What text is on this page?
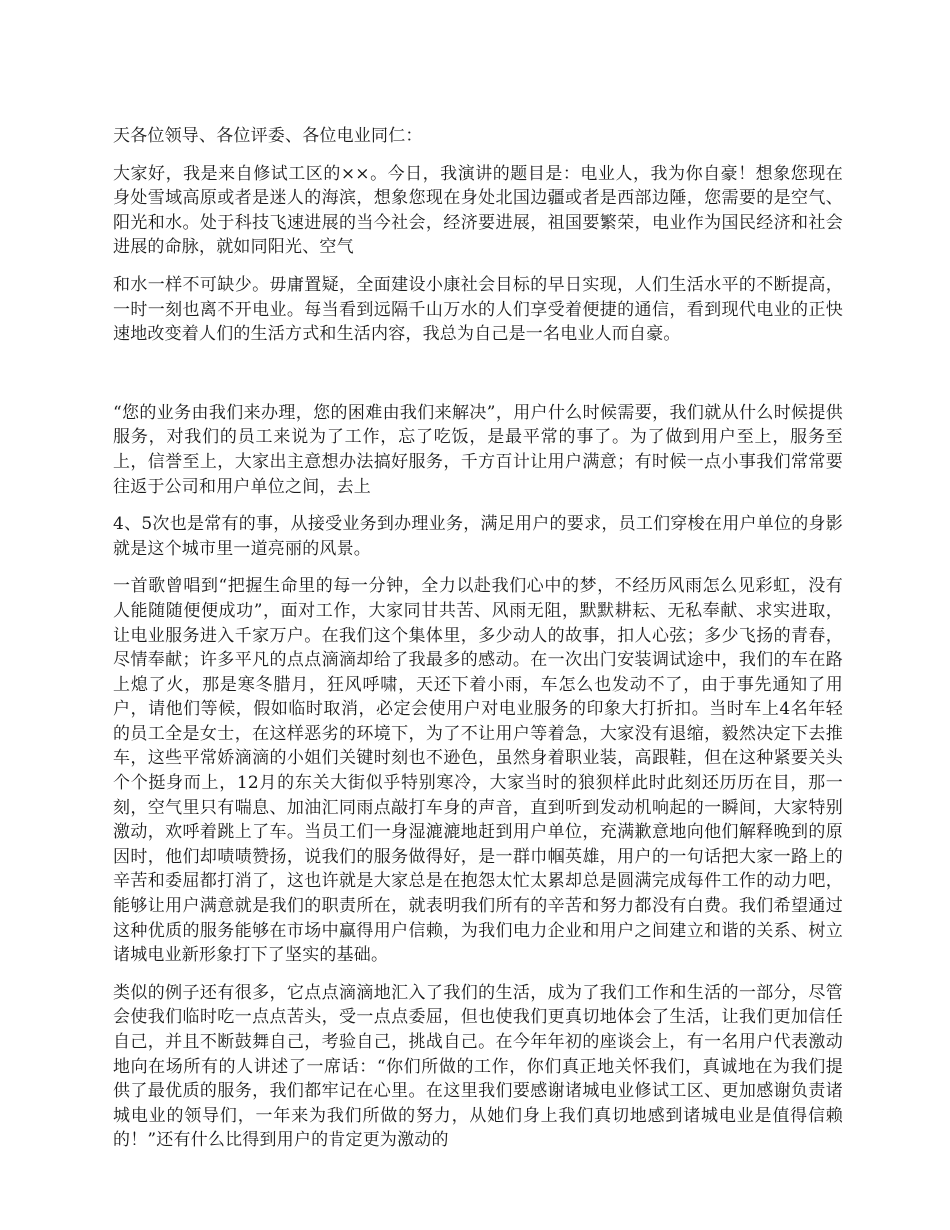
天各位领导、各位评委、各位电业同仁：

大家好，我是来自修试工区的××。今日，我演讲的题目是：电业人，我为你自豪！想象您现在身处雪域高原或者是迷人的海滨，想象您现在身处北国边疆或者是西部边陲，您需要的是空气、阳光和水。处于科技飞速进展的当今社会，经济要进展，祖国要繁荣，电业作为国民经济和社会进展的命脉，就如同阳光、空气

和水一样不可缺少。毋庸置疑，全面建设小康社会目标的早日实现，人们生活水平的不断提高，一时一刻也离不开电业。每当看到远隔千山万水的人们享受着便捷的通信，看到现代电业的正快速地改变着人们的生活方式和生活内容，我总为自己是一名电业人而自豪。

“您的业务由我们来办理，您的困难由我们来解决”，用户什么时候需要，我们就从什么时候提供服务，对我们的员工来说为了工作，忘了吃饭，是最平常的事了。为了做到用户至上，服务至上，信誉至上，大家出主意想办法搞好服务，千方百计让用户满意；有时候一点小事我们常常要往返于公司和用户单位之间，去上

4、5次也是常有的事，从接受业务到办理业务，满足用户的要求，员工们穿梭在用户单位的身影就是这个城市里一道亮丽的风景。

一首歌曾唱到“把握生命里的每一分钟，全力以赴我们心中的梦，不经历风雨怎么见彩虹，没有人能随随便便成功”，面对工作，大家同甘共苦、风雨无阻，默默耕耘、无私奉献、求实进取，让电业服务进入千家万户。在我们这个集体里，多少动人的故事，扣人心弦；多少飞扬的青春，尽情奉献；许多平凡的点点滴滴却给了我最多的感动。在一次出门安装调试途中，我们的车在路上熄了火，那是寒冬腊月，狂风呼啸，天还下着小雨，车怎么也发动不了，由于事先通知了用户，请他们等候，假如临时取消，必定会使用户对电业服务的印象大打折扣。当时车上4名年轻的员工全是女士，在这样恶劣的环境下，为了不让用户等着急，大家没有退缩，毅然决定下去推车，这些平常娇滴滴的小姐们关键时刻也不逊色，虽然身着职业装，高跟鞋，但在这种紧要关头个个挺身而上，12月的东关大街似乎特别寒冷，大家当时的狼狈样此时此刻还历历在目，那一刻，空气里只有喘息、加油汇同雨点敲打车身的声音，直到听到发动机响起的一瞬间，大家特别激动，欢呼着跳上了车。当员工们一身湿漉漉地赶到用户单位，充满歉意地向他们解释晚到的原因时，他们却啧啧赞扬，说我们的服务做得好，是一群巾帼英雄，用户的一句话把大家一路上的辛苦和委屈都打消了，这也许就是大家总是在抱怨太忙太累却总是圆满完成每件工作的动力吧，能够让用户满意就是我们的职责所在，就表明我们所有的辛苦和努力都没有白费。我们希望通过这种优质的服务能够在市场中赢得用户信赖，为我们电力企业和用户之间建立和谐的关系、树立诸城电业新形象打下了坚实的基础。

类似的例子还有很多，它点点滴滴地汇入了我们的生活，成为了我们工作和生活的一部分，尽管会使我们临时吃一点点苦头，受一点点委屈，但也使我们更真切地体会了生活，让我们更加信任自己，并且不断鼓舞自己，考验自己，挑战自己。在今年年初的座谈会上，有一名用户代表激动地向在场所有的人讲述了一席话：“你们所做的工作，你们真正地关怀我们，真诚地在为我们提供了最优质的服务，我们都牢记在心里。在这里我们要感谢诸城电业修试工区、更加感谢负责诸城电业的领导们，一年来为我们所做的努力，从她们身上我们真切地感到诸城电业是值得信赖的！”还有什么比得到用户的肯定更为激动的
